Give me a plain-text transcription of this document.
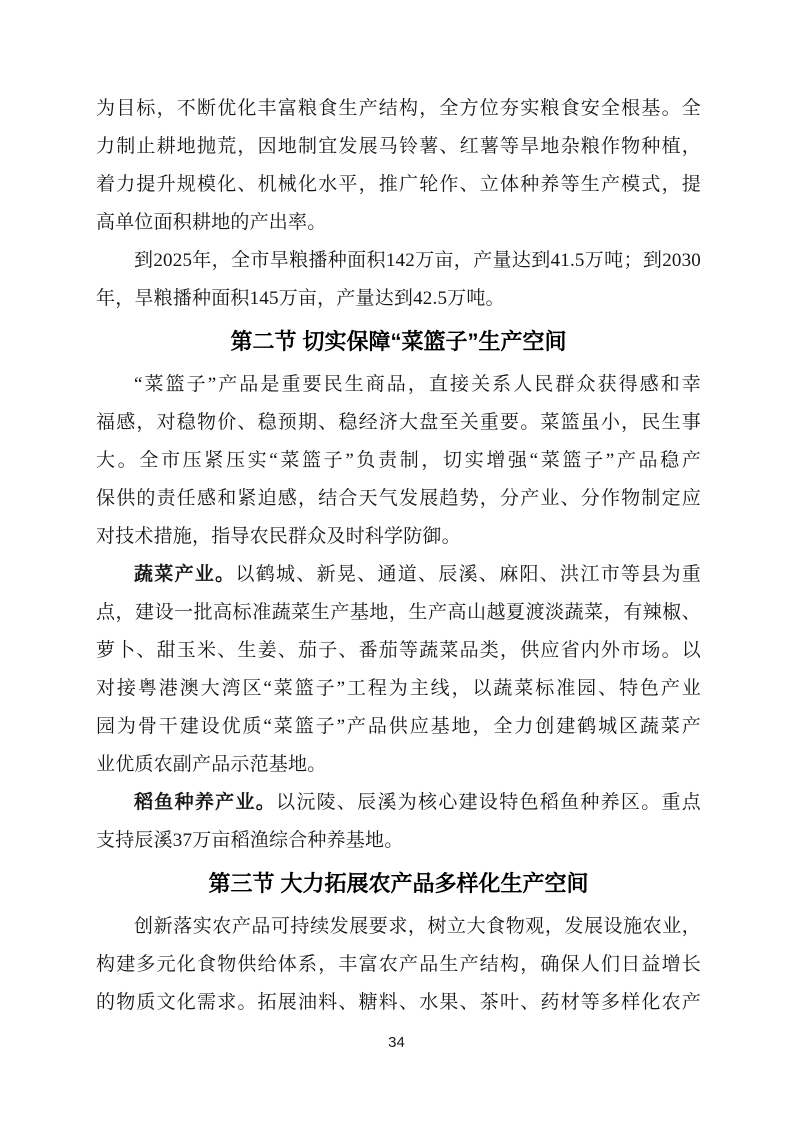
为目标，不断优化丰富粮食生产结构，全方位夯实粮食安全根基。全
力制止耕地抛荒，因地制宜发展马铃薯、红薯等旱地杂粮作物种植，
着力提升规模化、机械化水平，推广轮作、立体种养等生产模式，提
高单位面积耕地的产出率。
到2025年，全市旱粮播种面积142万亩，产量达到41.5万吨；到2030
年，旱粮播种面积145万亩，产量达到42.5万吨。
第二节 切实保障“菜篮子”生产空间
“菜篮子”产品是重要民生商品，直接关系人民群众获得感和幸
福感，对稳物价、稳预期、稳经济大盘至关重要。菜篮虽小，民生事
大。全市压紧压实“菜篮子”负责制，切实增强“菜篮子”产品稳产
保供的责任感和紧迫感，结合天气发展趋势，分产业、分作物制定应
对技术措施，指导农民群众及时科学防御。
蔬菜产业。以鹤城、新晃、通道、辰溪、麻阳、洪江市等县为重
点，建设一批高标准蔬菜生产基地，生产高山越夏渡淡蔬菜，有辣椒、
萝卜、甜玉米、生姜、茄子、番茄等蔬菜品类，供应省内外市场。以
对接粤港澳大湾区“菜篮子”工程为主线，以蔬菜标准园、特色产业
园为骨干建设优质“菜篮子”产品供应基地，全力创建鹤城区蔬菜产
业优质农副产品示范基地。
稻鱼种养产业。以沅陵、辰溪为核心建设特色稻鱼种养区。重点
支持辰溪37万亩稻渔综合种养基地。
第三节 大力拓展农产品多样化生产空间
创新落实农产品可持续发展要求，树立大食物观，发展设施农业，
构建多元化食物供给体系，丰富农产品生产结构，确保人们日益增长
的物质文化需求。拓展油料、糖料、水果、茶叶、药材等多样化农产
34
